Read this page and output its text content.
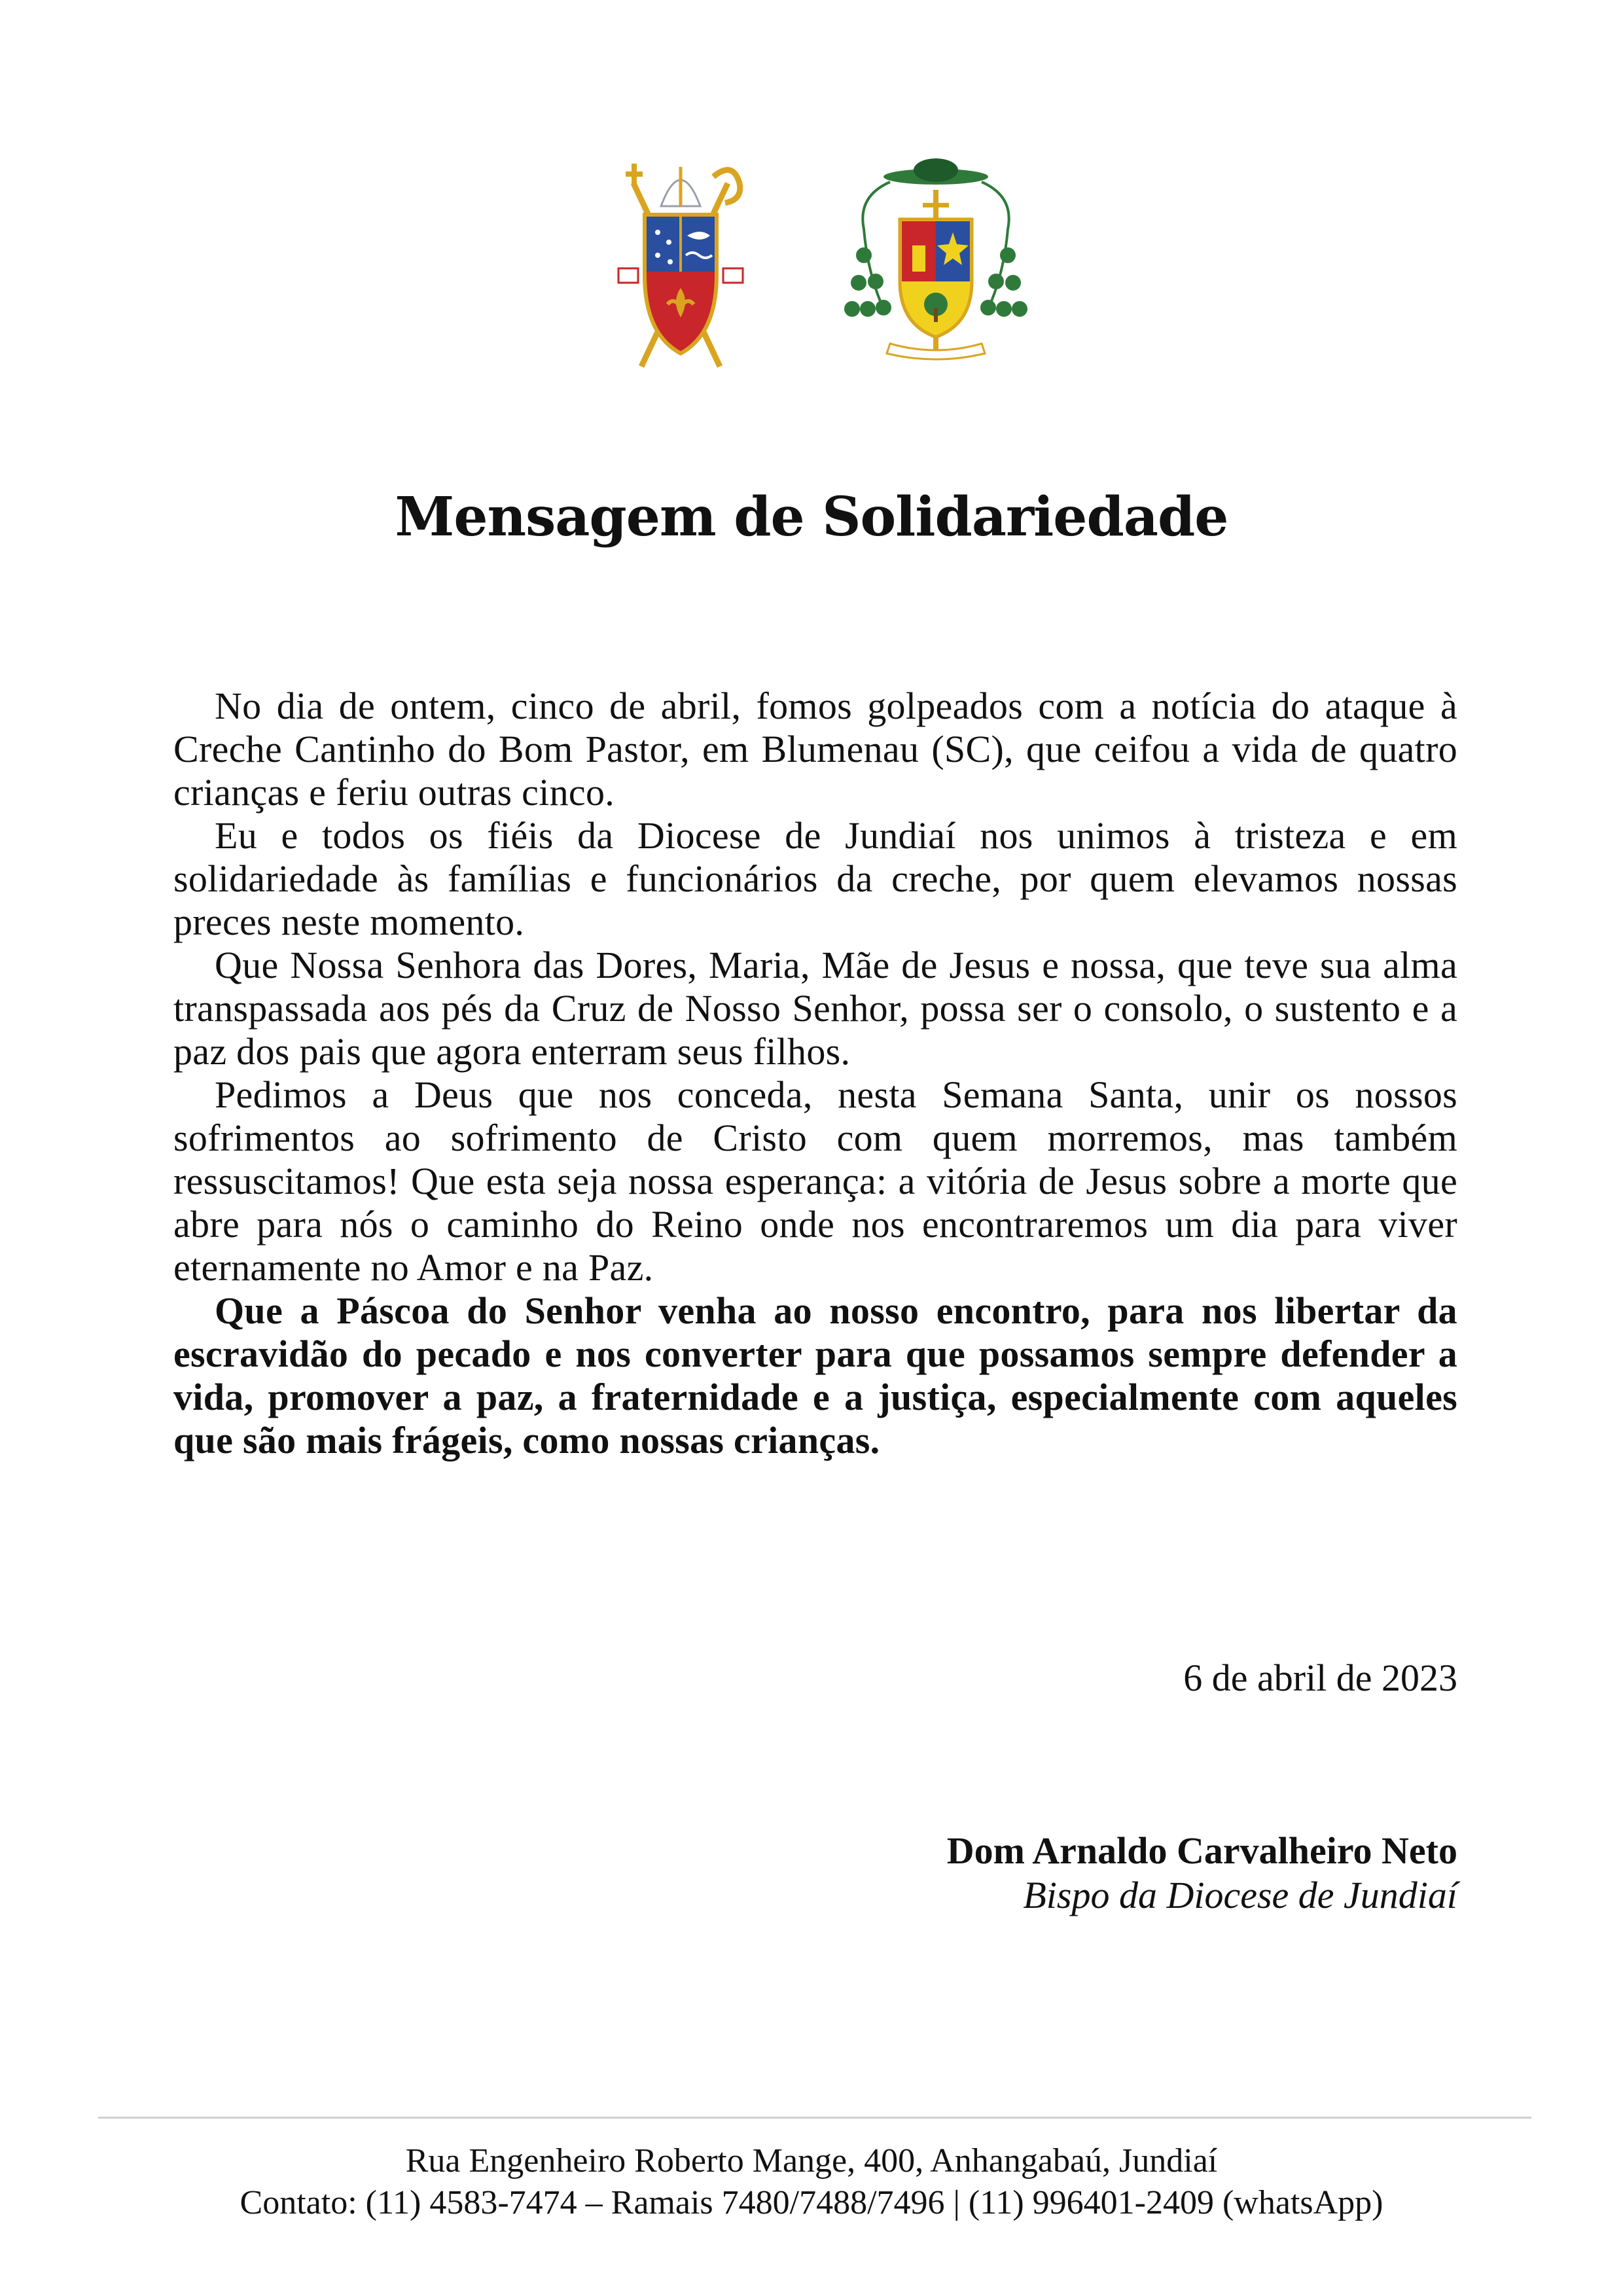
Mensagem de Solidariedade

No dia de ontem, cinco de abril, fomos golpeados com a notícia do ataque à Creche Cantinho do Bom Pastor, em Blumenau (SC), que ceifou a vida de quatro crianças e feriu outras cinco.

Eu e todos os fiéis da Diocese de Jundiaí nos unimos à tristeza e em solidariedade às famílias e funcionários da creche, por quem elevamos nossas preces neste momento.

Que Nossa Senhora das Dores, Maria, Mãe de Jesus e nossa, que teve sua alma transpassada aos pés da Cruz de Nosso Senhor, possa ser o consolo, o sustento e a paz dos pais que agora enterram seus filhos.

Pedimos a Deus que nos conceda, nesta Semana Santa, unir os nossos sofrimentos ao sofrimento de Cristo com quem morremos, mas também ressuscitamos! Que esta seja nossa esperança: a vitória de Jesus sobre a morte que abre para nós o caminho do Reino onde nos encontraremos um dia para viver eternamente no Amor e na Paz.

Que a Páscoa do Senhor venha ao nosso encontro, para nos libertar da escravidão do pecado e nos converter para que possamos sempre defender a vida, promover a paz, a fraternidade e a justiça, especialmente com aqueles que são mais frágeis, como nossas crianças.

6 de abril de 2023
Dom Arnaldo Carvalheiro Neto
Bispo da Diocese de Jundiaí
Rua Engenheiro Roberto Mange, 400, Anhangabaú, Jundiaí
Contato: (11) 4583-7474 – Ramais 7480/7488/7496 | (11) 996401-2409 (whatsApp)
